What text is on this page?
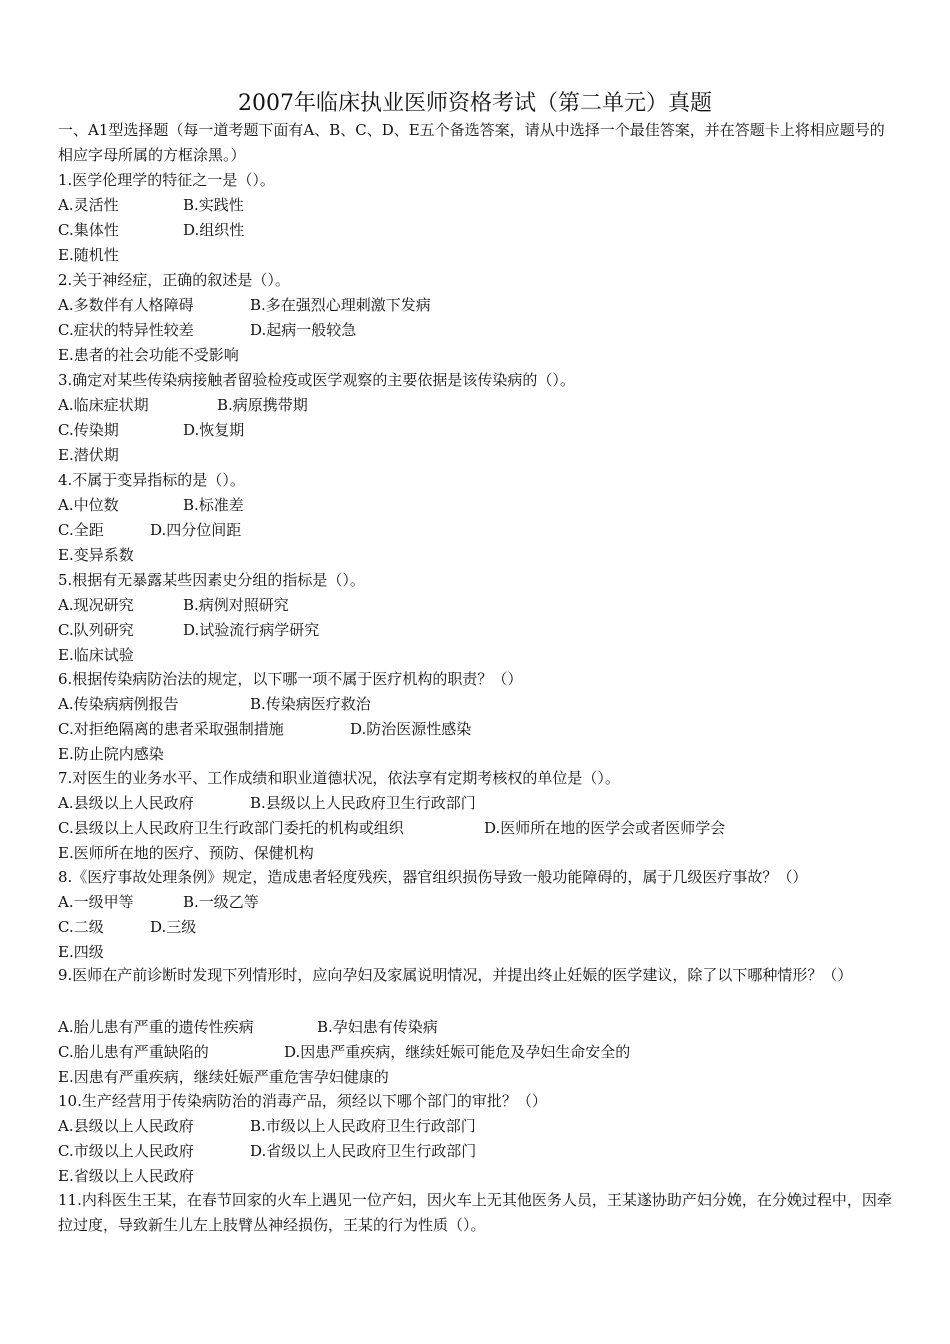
2007年临床执业医师资格考试（第二单元）真题
一、A1型选择题（每一道考题下面有A、B、C、D、E五个备选答案，请从中选择一个最佳答案，并在答题卡上将相应题号的相应字母所属的方框涂黑。）
1.医学伦理学的特征之一是（）。
A.灵活性	B.实践性
C.集体性	D.组织性
E.随机性
2.关于神经症，正确的叙述是（）。
A.多数伴有人格障碍	B.多在强烈心理刺激下发病
C.症状的特异性较差	D.起病一般较急
E.患者的社会功能不受影响
3.确定对某些传染病接触者留验检疫或医学观察的主要依据是该传染病的（）。
A.临床症状期	B.病原携带期
C.传染期	D.恢复期
E.潜伏期
4.不属于变异指标的是（）。
A.中位数	B.标准差
C.全距	D.四分位间距
E.变异系数
5.根据有无暴露某些因素史分组的指标是（）。
A.现况研究	B.病例对照研究
C.队列研究	D.试验流行病学研究
E.临床试验
6.根据传染病防治法的规定，以下哪一项不属于医疗机构的职责？（）
A.传染病病例报告	B.传染病医疗救治
C.对拒绝隔离的患者采取强制措施	D.防治医源性感染
E.防止院内感染
7.对医生的业务水平、工作成绩和职业道德状况，依法享有定期考核权的单位是（）。
A.县级以上人民政府	B.县级以上人民政府卫生行政部门
C.县级以上人民政府卫生行政部门委托的机构或组织	D.医师所在地的医学会或者医师学会
E.医师所在地的医疗、预防、保健机构
8.《医疗事故处理条例》规定，造成患者轻度残疾，器官组织损伤导致一般功能障碍的，属于几级医疗事故？（）
A.一级甲等	B.一级乙等
C.二级	D.三级
E.四级
9.医师在产前诊断时发现下列情形时，应向孕妇及家属说明情况，并提出终止妊娠的医学建议，除了以下哪种情形？（）
A.胎儿患有严重的遗传性疾病	B.孕妇患有传染病
C.胎儿患有严重缺陷的	D.因患严重疾病，继续妊娠可能危及孕妇生命安全的
E.因患有严重疾病，继续妊娠严重危害孕妇健康的
10.生产经营用于传染病防治的消毒产品，须经以下哪个部门的审批？（）
A.县级以上人民政府	B.市级以上人民政府卫生行政部门
C.市级以上人民政府	D.省级以上人民政府卫生行政部门
E.省级以上人民政府
11.内科医生王某，在春节回家的火车上遇见一位产妇，因火车上无其他医务人员，王某遂协助产妇分娩，在分娩过程中，因牵拉过度，导致新生儿左上肢臂丛神经损伤，王某的行为性质（）。
